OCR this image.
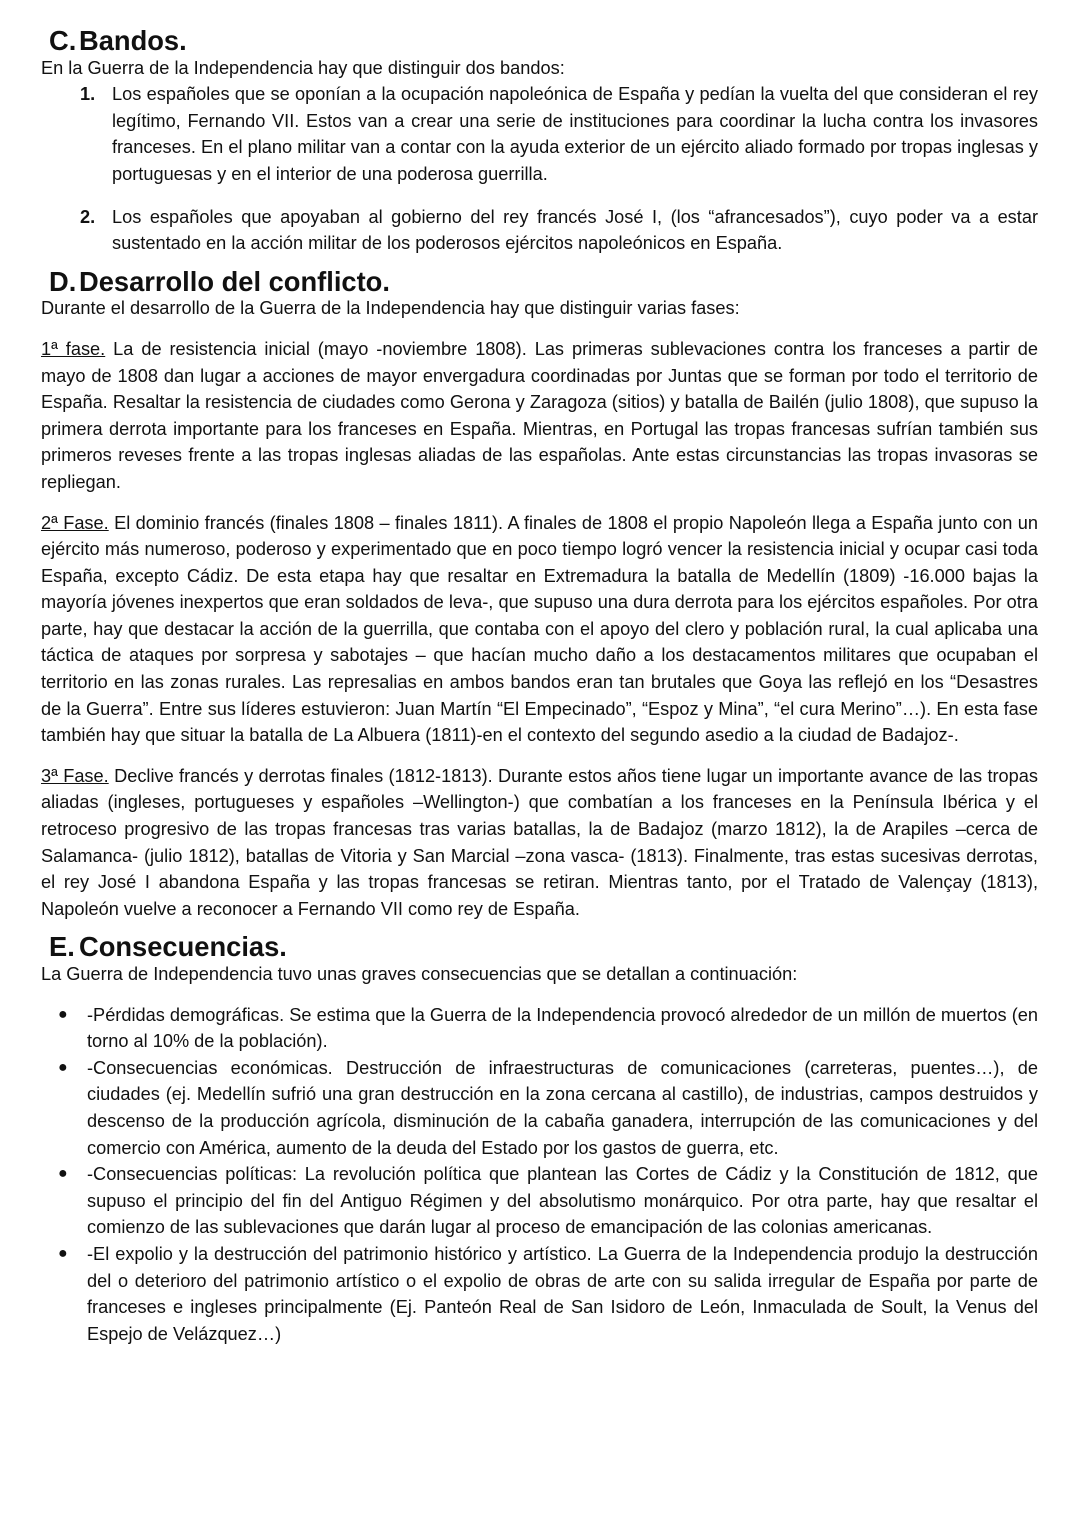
C.Bandos.

En la Guerra de la Independencia hay que distinguir dos bandos:

1. Los españoles que se oponían a la ocupación napoleónica de España y pedían la vuelta del que consideran el rey legítimo, Fernando VII. Estos van a crear una serie de instituciones para coordinar la lucha contra los invasores franceses. En el plano militar van a contar con la ayuda exterior de un ejército aliado formado por tropas inglesas y portuguesas y en el interior de una poderosa guerrilla.
2. Los españoles que apoyaban al gobierno del rey francés José I, (los “afrancesados”), cuyo poder va a estar sustentado en la acción militar de los poderosos ejércitos napoleónicos en España.
D.Desarrollo del conflicto.

Durante el desarrollo de la Guerra de la Independencia hay que distinguir varias fases:

1ª fase. La de resistencia inicial (mayo -noviembre 1808). Las primeras sublevaciones contra los franceses a partir de mayo de 1808 dan lugar a acciones de mayor envergadura coordinadas por Juntas que se forman por todo el territorio de España. Resaltar la resistencia de ciudades como Gerona y Zaragoza (sitios) y batalla de Bailén (julio 1808), que supuso la primera derrota importante para los franceses en España. Mientras, en Portugal las tropas francesas sufrían también sus primeros reveses frente a las tropas inglesas aliadas de las españolas. Ante estas circunstancias las tropas invasoras se repliegan.

2ª Fase. El dominio francés (finales 1808 – finales 1811). A finales de 1808 el propio Napoleón llega a España junto con un ejército más numeroso, poderoso y experimentado que en poco tiempo logró vencer la resistencia inicial y ocupar casi toda España, excepto Cádiz. De esta etapa hay que resaltar en Extremadura la batalla de Medellín (1809) -16.000 bajas la mayoría jóvenes inexpertos que eran soldados de leva-, que supuso una dura derrota para los ejércitos españoles. Por otra parte, hay que destacar la acción de la guerrilla, que contaba con el apoyo del clero y población rural, la cual aplicaba una táctica de ataques por sorpresa y sabotajes – que hacían mucho daño a los destacamentos militares que ocupaban el territorio en las zonas rurales. Las represalias en ambos bandos eran tan brutales que Goya las reflejó en los “Desastres de la Guerra”. Entre sus líderes estuvieron: Juan Martín “El Empecinado”, “Espoz y Mina”, “el cura Merino”…). En esta fase también hay que situar la batalla de La Albuera (1811)-en el contexto del segundo asedio a la ciudad de Badajoz-.

3ª Fase. Declive francés y derrotas finales (1812-1813). Durante estos años tiene lugar un importante avance de las tropas aliadas (ingleses, portugueses y españoles –Wellington-) que combatían a los franceses en la Península Ibérica y el retroceso progresivo de las tropas francesas tras varias batallas, la de Badajoz (marzo 1812), la de Arapiles –cerca de Salamanca- (julio 1812), batallas de Vitoria y San Marcial –zona vasca- (1813). Finalmente, tras estas sucesivas derrotas, el rey José I abandona España y las tropas francesas se retiran. Mientras tanto, por el Tratado de Valençay (1813), Napoleón vuelve a reconocer a Fernando VII como rey de España.

E. Consecuencias.

La Guerra de Independencia tuvo unas graves consecuencias que se detallan a continuación:

● -Pérdidas demográficas. Se estima que la Guerra de la Independencia provocó alrededor de un millón de muertos (en torno al 10% de la población).
● -Consecuencias económicas. Destrucción de infraestructuras de comunicaciones (carreteras, puentes…), de ciudades (ej. Medellín sufrió una gran destrucción en la zona cercana al castillo), de industrias, campos destruidos y descenso de la producción agrícola, disminución de la cabaña ganadera, interrupción de las comunicaciones y del comercio con América, aumento de la deuda del Estado por los gastos de guerra, etc.
● -Consecuencias políticas: La revolución política que plantean las Cortes de Cádiz y la Constitución de 1812, que supuso el principio del fin del Antiguo Régimen y del absolutismo monárquico. Por otra parte, hay que resaltar el comienzo de las sublevaciones que darán lugar al proceso de emancipación de las colonias americanas.
● -El expolio y la destrucción del patrimonio histórico y artístico. La Guerra de la Independencia produjo la destrucción del o deterioro del patrimonio artístico o el expolio de obras de arte con su salida irregular de España por parte de franceses e ingleses principalmente (Ej. Panteón Real de San Isidoro de León, Inmaculada de Soult, la Venus del Espejo de Velázquez…)
